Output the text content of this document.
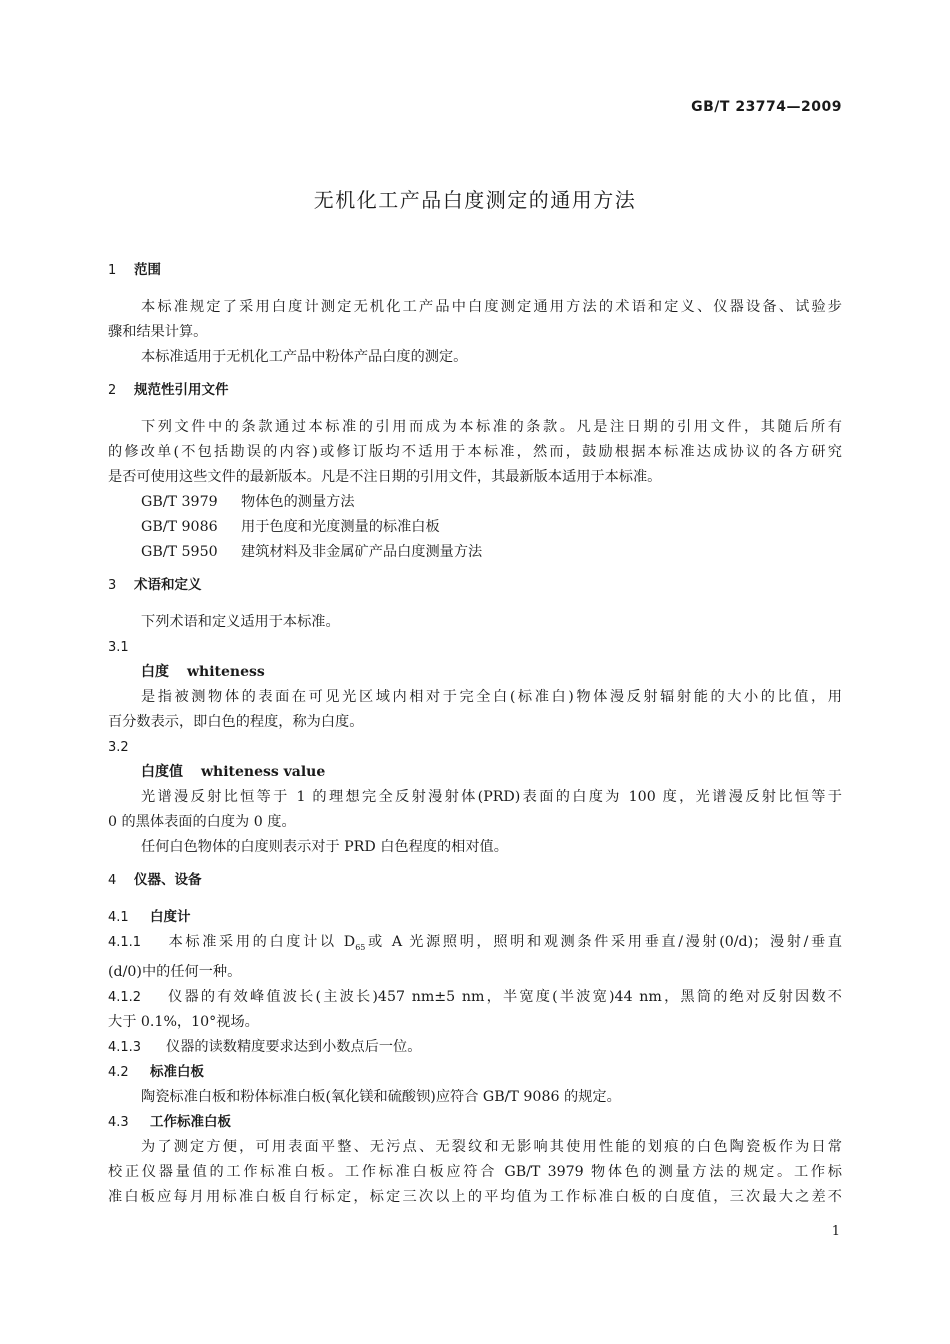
GB/T 23774—2009
无机化工产品白度测定的通用方法
1 范围
本标准规定了采用白度计测定无机化工产品中白度测定通用方法的术语和定义、仪器设备、试验步
骤和结果计算。
本标准适用于无机化工产品中粉体产品白度的测定。
2 规范性引用文件
下列文件中的条款通过本标准的引用而成为本标准的条款。凡是注日期的引用文件，其随后所有
的修改单(不包括勘误的内容)或修订版均不适用于本标准，然而，鼓励根据本标准达成协议的各方研究
是否可使用这些文件的最新版本。凡是不注日期的引用文件，其最新版本适用于本标准。
GB/T 3979 物体色的测量方法
GB/T 9086 用于色度和光度测量的标准白板
GB/T 5950 建筑材料及非金属矿产品白度测量方法
3 术语和定义
下列术语和定义适用于本标准。
3.1
白度 whiteness
是指被测物体的表面在可见光区域内相对于完全白(标准白)物体漫反射辐射能的大小的比值，用
百分数表示，即白色的程度，称为白度。
3.2
白度值 whiteness value
光谱漫反射比恒等于 1 的理想完全反射漫射体(PRD)表面的白度为 100 度，光谱漫反射比恒等于
0 的黑体表面的白度为 0 度。
任何白色物体的白度则表示对于 PRD 白色程度的相对值。
4 仪器、设备
4.1 白度计
4.1.1 本标准采用的白度计以 $D_{65}$或 A 光源照明，照明和观测条件采用垂直/漫射(0/d)；漫射/垂直
(d/0)中的任何一种。
4.1.2 仪器的有效峰值波长(主波长)457 nm±5 nm，半宽度(半波宽)44 nm，黑筒的绝对反射因数不
大于 0.1%，10°视场。
4.1.3 仪器的读数精度要求达到小数点后一位。
4.2 标准白板
陶瓷标准白板和粉体标准白板(氧化镁和硫酸钡)应符合 GB/T 9086 的规定。
4.3 工作标准白板
为了测定方便，可用表面平整、无污点、无裂纹和无影响其使用性能的划痕的白色陶瓷板作为日常
校正仪器量值的工作标准白板。工作标准白板应符合 GB/T 3979 物体色的测量方法的规定。工作标
准白板应每月用标准白板自行标定，标定三次以上的平均值为工作标准白板的白度值，三次最大之差不
1
